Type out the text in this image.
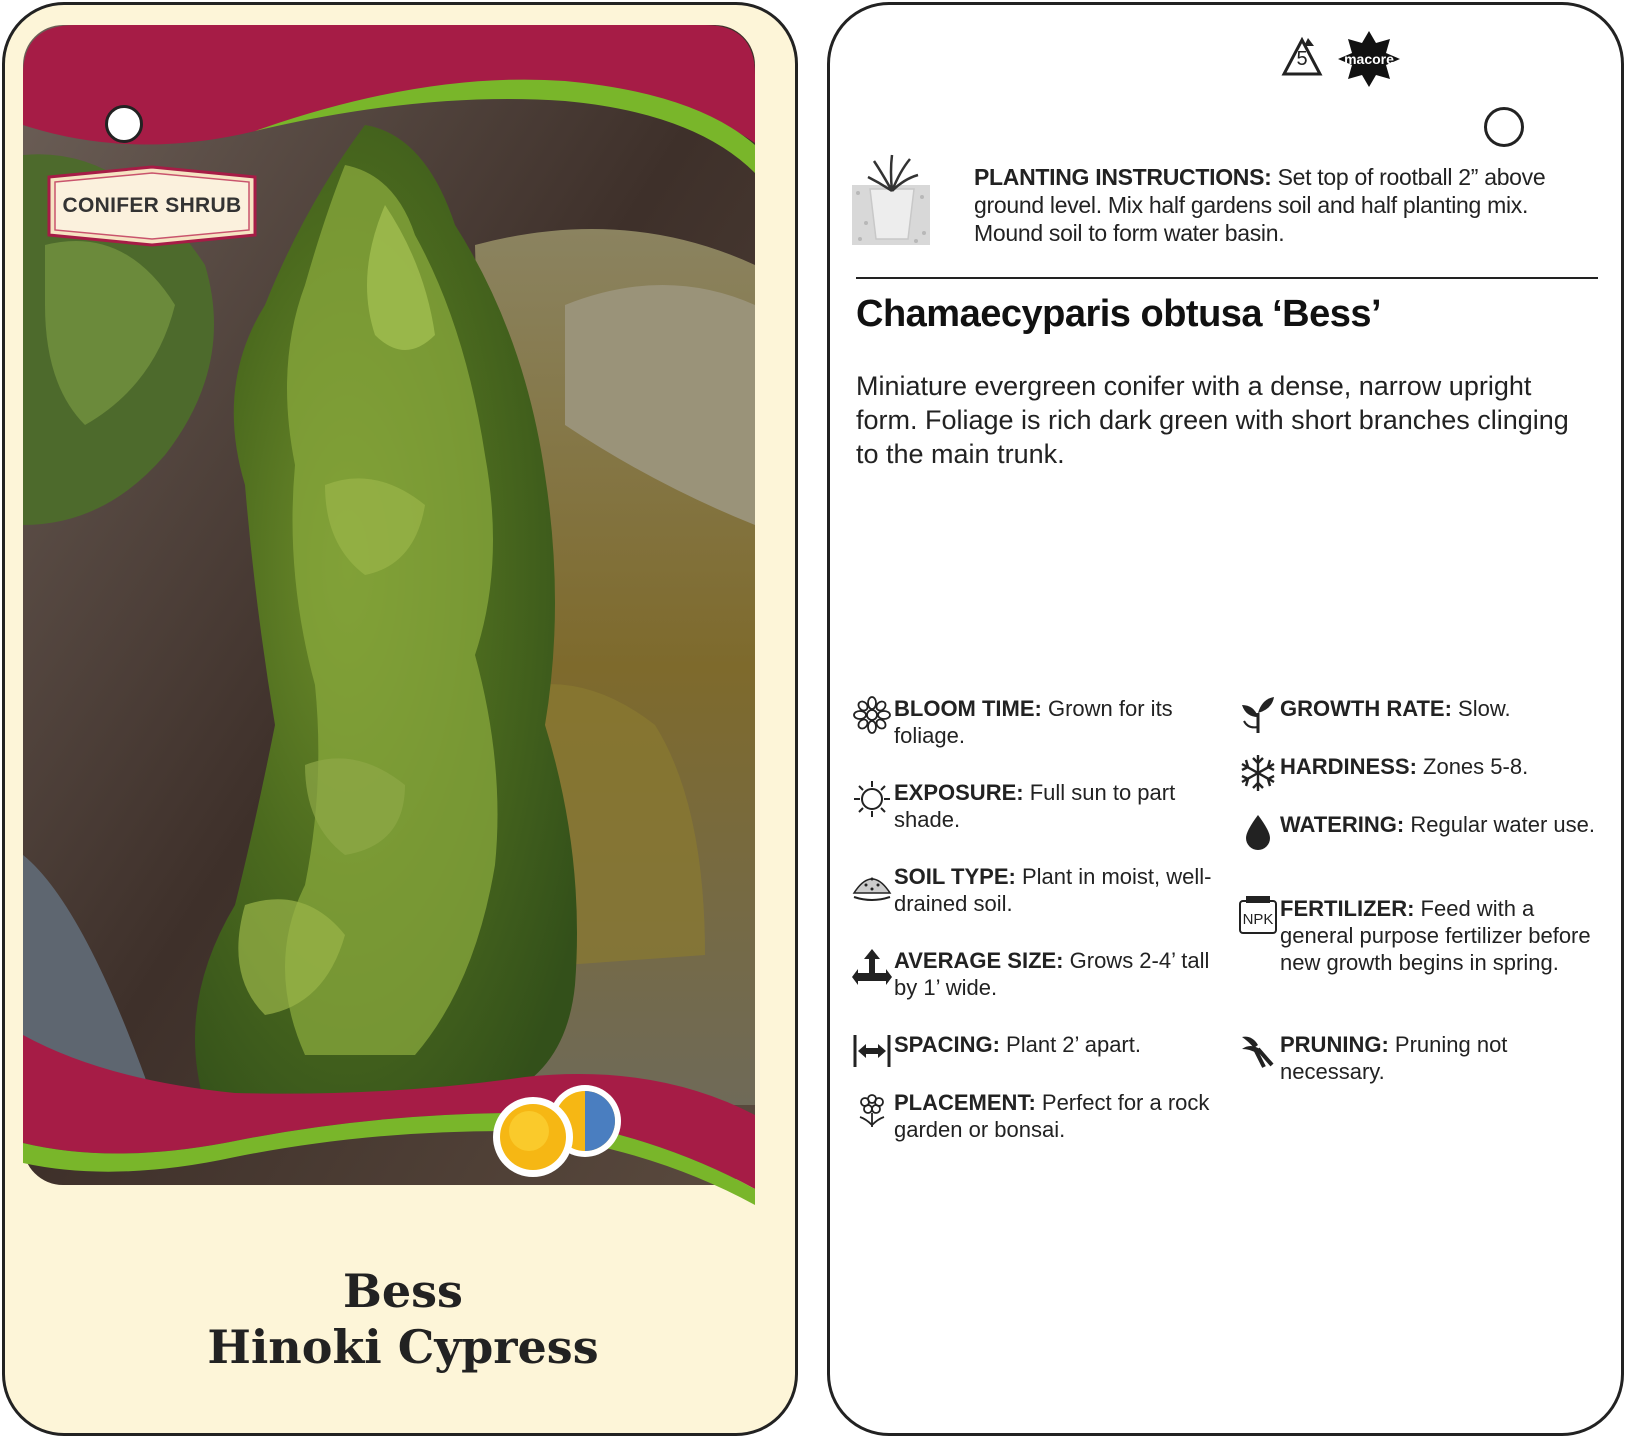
CONIFER SHRUB
Bess
Hinoki Cypress
5	macore
PLANTING INSTRUCTIONS: Set top of rootball 2” above ground level. Mix half gardens soil and half planting mix. Mound soil to form water basin.
Chamaecyparis obtusa ‘Bess’
Miniature evergreen conifer with a dense, narrow upright form. Foliage is rich dark green with short branches clinging to the main trunk.
BLOOM TIME: Grown for its foliage.
EXPOSURE: Full sun to part shade.
SOIL TYPE: Plant in moist, well-drained soil.
AVERAGE SIZE: Grows 2-4’ tall by 1’ wide.
SPACING: Plant 2’ apart.
PLACEMENT: Perfect for a rock garden or bonsai.
GROWTH RATE: Slow.
HARDINESS: Zones 5-8.
WATERING: Regular water use.
NPK FERTILIZER: Feed with a general purpose fertilizer before new growth begins in spring.
PRUNING: Pruning not necessary.
